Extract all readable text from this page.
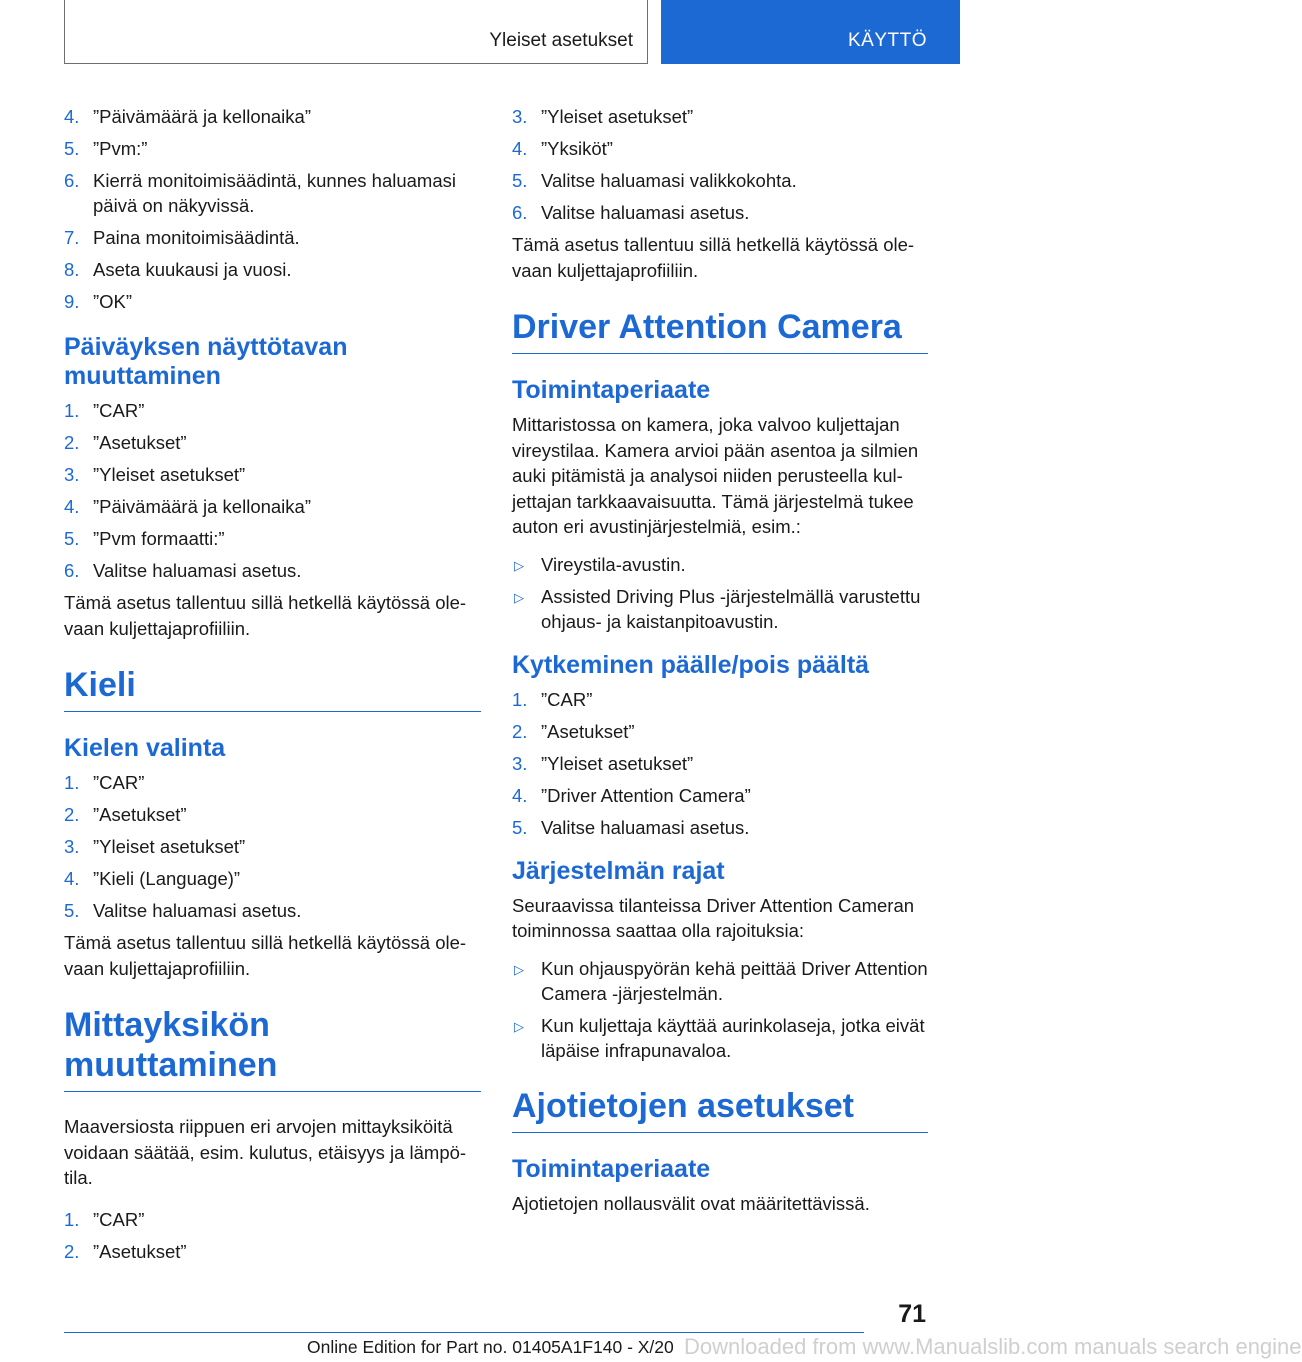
Yleiset asetukset	KÄYTTÖ
4. ”Päivämäärä ja kellonaika”
5. ”Pvm:”
6. Kierrä monitoimisäädintä, kunnes haluamasi päivä on näkyvissä.
7. Paina monitoimisäädintä.
8. Aseta kuukausi ja vuosi.
9. ”OK”
Päiväyksen näyttötavan muuttaminen
1. ”CAR”
2. ”Asetukset”
3. ”Yleiset asetukset”
4. ”Päivämäärä ja kellonaika”
5. ”Pvm formaatti:”
6. Valitse haluamasi asetus.

Tämä asetus tallentuu sillä hetkellä käytössä olevaan kuljettajaprofiiliin.

Kieli
Kielen valinta
1. ”CAR”
2. ”Asetukset”
3. ”Yleiset asetukset”
4. ”Kieli (Language)”
5. Valitse haluamasi asetus.

Tämä asetus tallentuu sillä hetkellä käytössä olevaan kuljettajaprofiiliin.

Mittayksikön muuttaminen

Maaversiosta riippuen eri arvojen mittayksiköitä voidaan säätää, esim. kulutus, etäisyys ja lämpötila.

1. ”CAR”
2. ”Asetukset”
3. ”Yleiset asetukset”
4. ”Yksiköt”
5. Valitse haluamasi valikkokohta.
6. Valitse haluamasi asetus.

Tämä asetus tallentuu sillä hetkellä käytössä olevaan kuljettajaprofiiliin.

Driver Attention Camera
Toimintaperiaate

Mittaristossa on kamera, joka valvoo kuljettajan vireystilaa. Kamera arvioi pään asentoa ja silmien auki pitämistä ja analysoi niiden perusteella kuljettajan tarkkaavaisuutta. Tämä järjestelmä tukee auton eri avustinjärjestelmiä, esim.:

▷ Vireystila-avustin.
▷ Assisted Driving Plus -järjestelmällä varustettu ohjaus- ja kaistanpitoavustin.
Kytkeminen päälle/pois päältä
1. ”CAR”
2. ”Asetukset”
3. ”Yleiset asetukset”
4. ”Driver Attention Camera”
5. Valitse haluamasi asetus.
Järjestelmän rajat

Seuraavissa tilanteissa Driver Attention Cameran toiminnossa saattaa olla rajoituksia:

▷ Kun ohjauspyörän kehä peittää Driver Attention Camera -järjestelmän.
▷ Kun kuljettaja käyttää aurinkolaseja, jotka eivät läpäise infrapunavaloa.
Ajotietojen asetukset
Toimintaperiaate

Ajotietojen nollausvälit ovat määritettävissä.

71
Downloaded from www.Manualslib.com manuals search engine
Online Edition for Part no. 01405A1F140 - X/20
